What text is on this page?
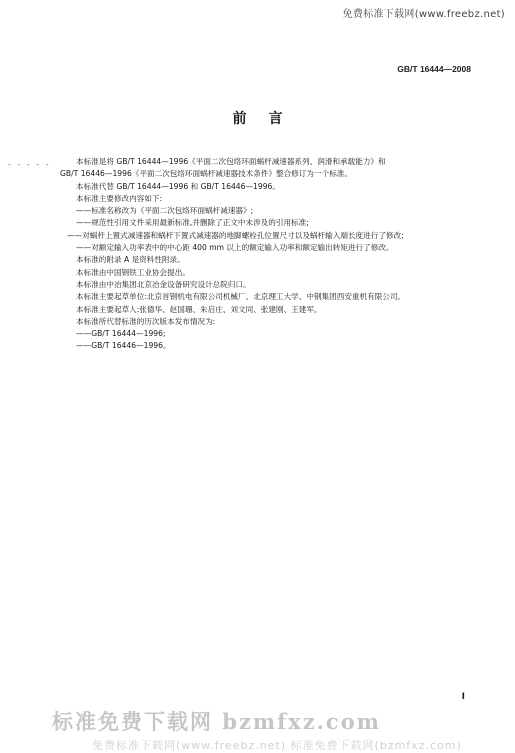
免费标准下载网(www.freebz.net)
GB/T 16444—2008
前言
- - - - -	本标准是将 GB/T 16444—1996《平面二次包络环面蜗杆减速器系列、润滑和承载能力》和

GB/T 16446—1996《平面二次包络环面蜗杆减速器技术条件》整合修订为一个标准。

本标准代替 GB/T 16444—1996 和 GB/T 16446—1996。

本标准主要修改内容如下:

——标准名称改为《平面二次包络环面蜗杆减速器》;

——规范性引用文件采用最新标准,并删除了正文中未涉及的引用标准;

——对蜗杆上置式减速器和蜗杆下置式减速器的地脚螺栓孔位置尺寸以及蜗杆输入端长度进行了修改;

——对额定输入功率表中的中心距 400 mm 以上的额定输入功率和额定输出转矩进行了修改。

本标准的附录 A 是资料性附录。

本标准由中国钢铁工业协会提出。

本标准由中冶集团北京冶金设备研究设计总院归口。

本标准主要起草单位:北京首钢机电有限公司机械厂、北京理工大学、中钢集团西安重机有限公司。

本标准主要起草人:张德华、赵国珊、朱启庄、刘文同、张建刚、王建军。

本标准所代替标准的历次版本发布情况为:

——GB/T 16444—1996;

——GB/T 16446—1996。

I
标准免费下载网 bzmfxz.com
免费标准下载网(www.freebz.net) 标准免费下载网(bzmfxz.com)
